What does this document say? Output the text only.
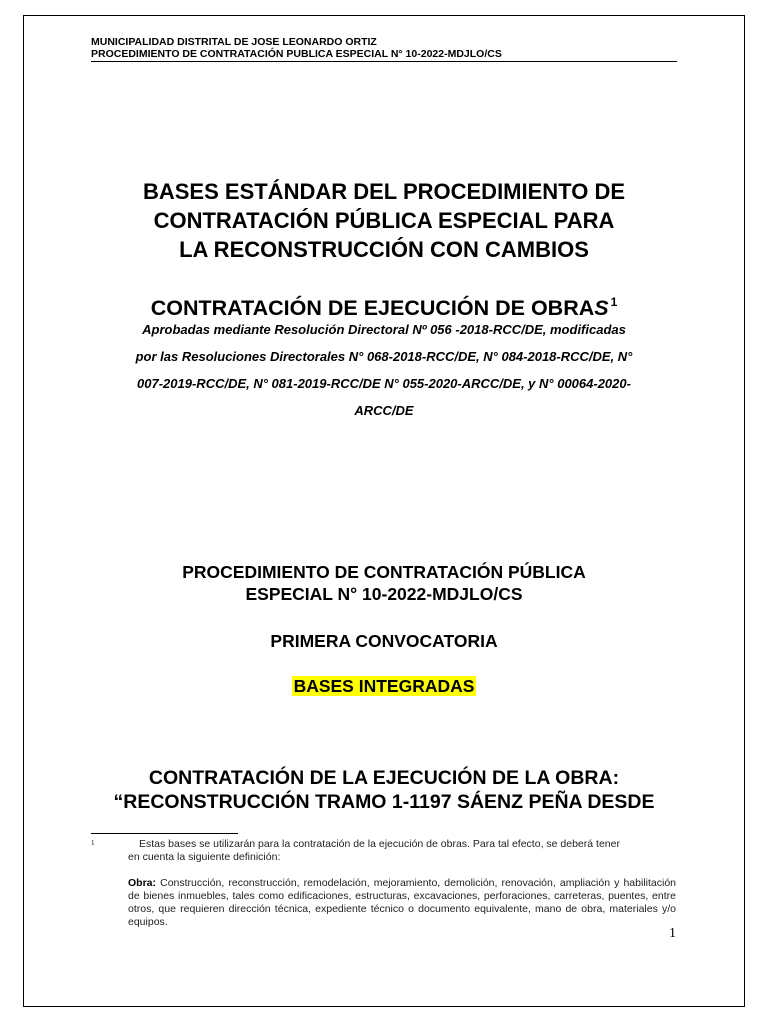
MUNICIPALIDAD DISTRITAL DE JOSE LEONARDO ORTIZ
PROCEDIMIENTO DE CONTRATACIÓN PUBLICA ESPECIAL N° 10-2022-MDJLO/CS
BASES ESTÁNDAR DEL PROCEDIMIENTO DE
CONTRATACIÓN PÚBLICA ESPECIAL PARA
LA RECONSTRUCCIÓN CON CAMBIOS
CONTRATACIÓN DE EJECUCIÓN DE OBRAS $^1$
Aprobadas mediante Resolución Directoral Nº 056 -2018-RCC/DE, modificadas
por las Resoluciones Directorales N° 068-2018-RCC/DE, N° 084-2018-RCC/DE, N°
007-2019-RCC/DE, N° 081-2019-RCC/DE N° 055-2020-ARCC/DE, y N° 00064-2020-
ARCC/DE
PROCEDIMIENTO DE CONTRATACIÓN PÚBLICA
ESPECIAL N° 10-2022-MDJLO/CS
PRIMERA CONVOCATORIA
BASES INTEGRADAS
CONTRATACIÓN DE LA EJECUCIÓN DE LA OBRA:
“RECONSTRUCCIÓN TRAMO 1-1197 SÁENZ PEÑA DESDE
1	Estas bases se utilizarán para la contratación de la ejecución de obras. Para tal efecto, se deberá tener
en cuenta la siguiente definición:
Obra: Construcción, reconstrucción, remodelación, mejoramiento, demolición, renovación, ampliación y habilitación de bienes inmuebles, tales como edificaciones, estructuras, excavaciones, perforaciones, carreteras, puentes, entre otros, que requieren dirección técnica, expediente técnico o documento equivalente, mano de obra, materiales y/o equipos.
1
